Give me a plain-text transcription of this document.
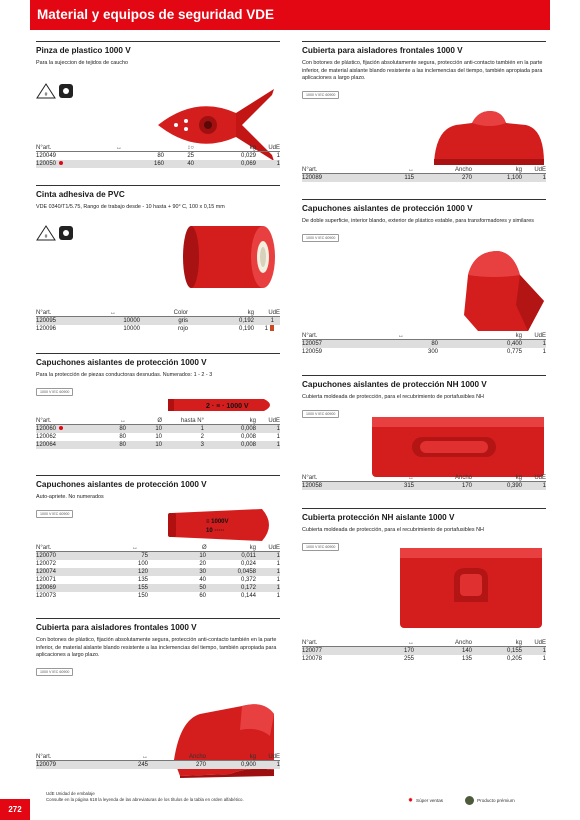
Material y equipos de seguridad VDE
Pinza de plastico 1000 V
Para la sujeccion de tejidos de caucho
#
N°art.	↔	↕○	kg	UdE
120049	80	25	0,029	1
120050	160	40	0,069	1
Cinta adhesiva de PVC
VDE 0340/T1/5.75, Rango de trabajo desde - 10 hasta + 90° C, 100 x 0,15 mm
#
N°art.	↔	Color	kg	UdE
120095	10000	gris	0,192	1
120096	10000	rojo	0,190	1
Capuchones aislantes de protección 1000 V
Para la protección de piezas conductoras desnudas. Numerados: 1 - 2 - 3
1000 V IEC 60900
2 · ≡ · 1000 V
N°art.	↔	Ø	hasta N°	kg	UdE
120060	80	10	1	0,008	1
120062	80	10	2	0,008	1
120064	80	10	3	0,008	1
Capuchones aislantes de protección 1000 V
Auto-apriete. No numerados
1000 V IEC 60900
≡ 1000V
10 ·····
N°art.	↔	Ø	kg	UdE
120070	75	10	0,011	1
120072	100	20	0,024	1
120074	120	30	0,0458	1
120071	135	40	0,372	1
120069	155	50	0,172	1
120073	150	60	0,144	1
Cubierta para aisladores frontales 1000 V
Con botones de plástico, fijación absolutamente segura, protección anti-contacto también en la parte inferior, de material aislante blando resistente a las inclemencias del tiempo, también apropiada para aplicaciones a largo plazo.
1000 V IEC 60900
N°art.	↔	Ancho	kg	UdE
120079	245	270	0,900	1
Cubierta para aisladores frontales 1000 V
Con botones de plástico, fijación absolutamente segura, protección anti-contacto también en la parte inferior, de material aislante blando resistente a las inclemencias del tiempo, también apropiada para aplicaciones a largo plazo.
1000 V IEC 60900
N°art.	↔	Ancho	kg	UdE
120089	115	270	1,100	1
Capuchones aislantes de protección 1000 V
De doble superficie, interior blando, exterior de plástico estable, para transformadores y similares
1000 V IEC 60900
N°art.	↔	kg	UdE
120057	80	0,400	1
120059	300	0,775	1
Capuchones aislantes de protección NH 1000 V
Cubierta moldeada de protección, para el recubrimiento de portafusibles NH
1000 V IEC 60900
N°art.	↔	Ancho	kg	UdE
120058	315	170	0,390	1
Cubierta protección NH aislante 1000 V
Cubierta moldeada de protección, para el recubrimiento de portafusibles NH
1000 V IEC 60900
N°art.	↔	Ancho	kg	UdE
120077	170	140	0,155	1
120078	255	135	0,205	1
272
UdE Unidad de embalaje
Consulte en la página 618 la leyenda de las abreviaturas de los títulos de la tabla en orden alfabético.	✸ Súper ventas	Producto prémium
